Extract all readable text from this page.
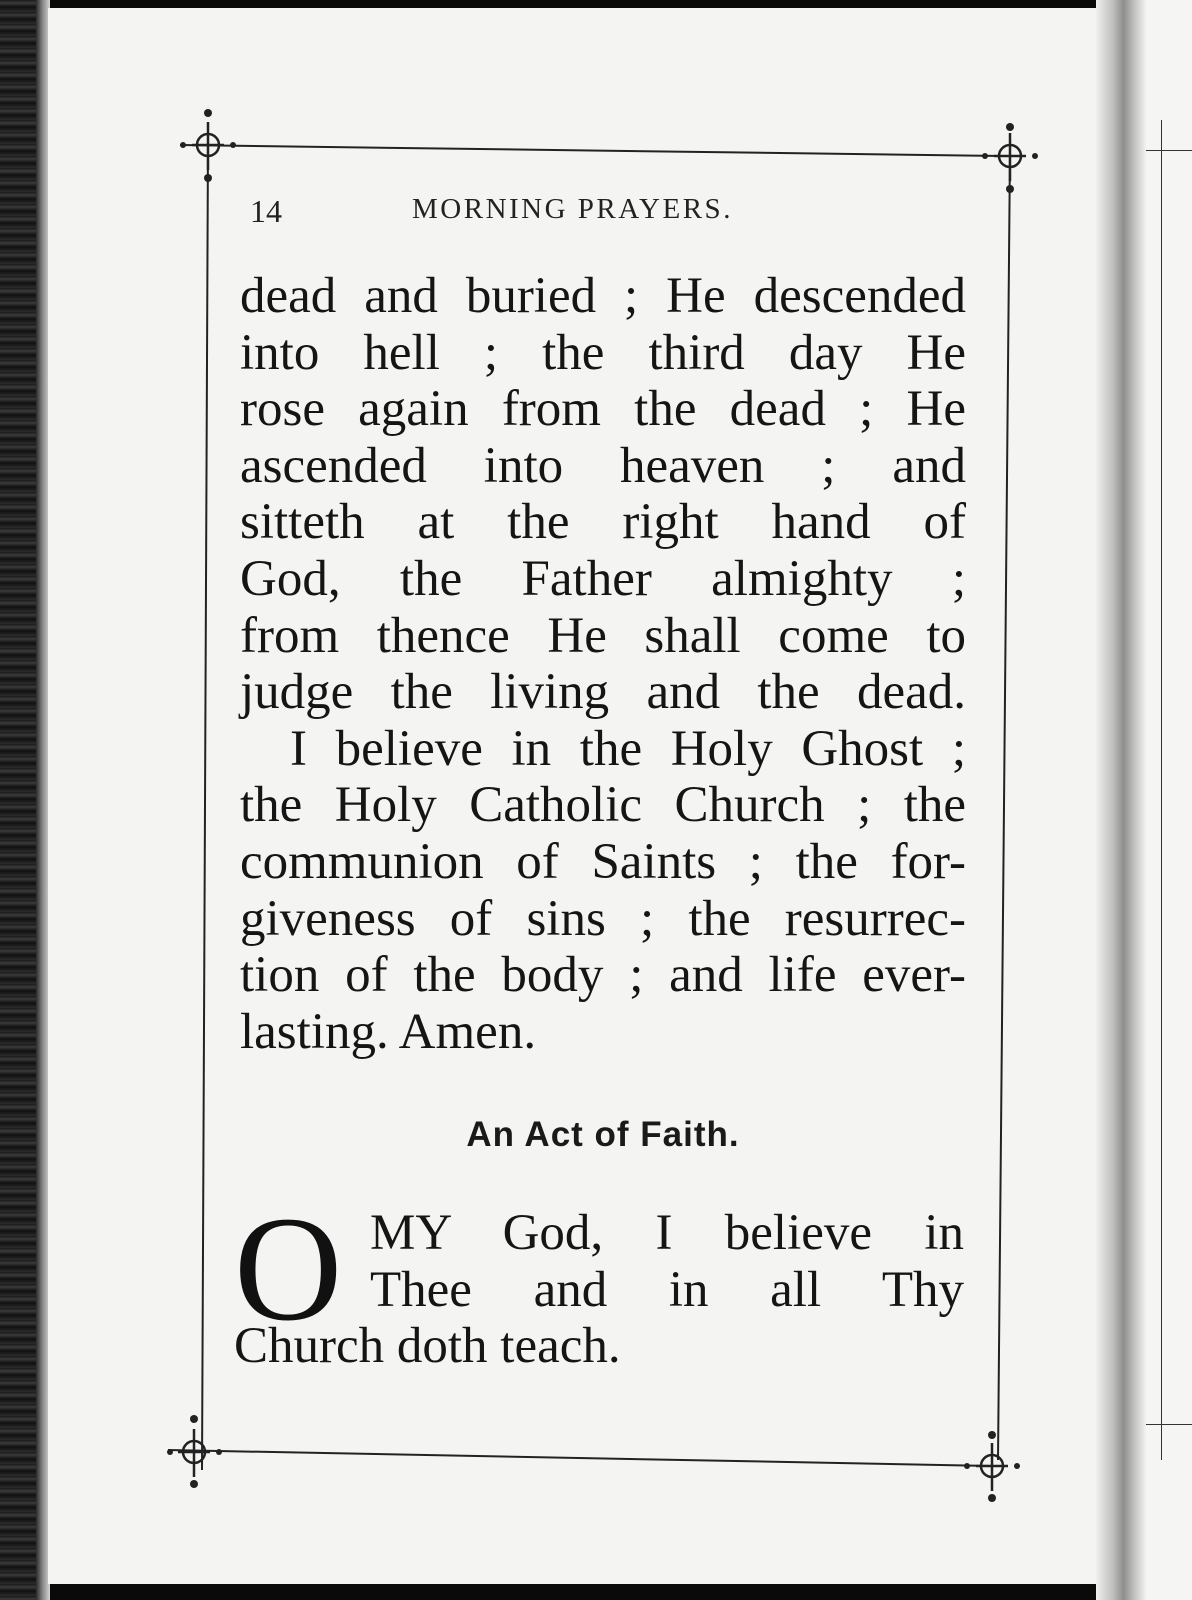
14	MORNING PRAYERS.
dead and buried ; He descended
into hell ; the third day He
rose again from the dead ; He
ascended into heaven ; and
sitteth at the right hand of
God, the Father almighty ;
from thence He shall come to
judge the living and the dead.
I believe in the Holy Ghost ;
the Holy Catholic Church ; the
communion of Saints ; the for-
giveness of sins ; the resurrec-
tion of the body ; and life ever-
lasting. Amen.
An Act of Faith.
O MY God, I believe in
Thee and in all Thy
Church doth teach.
